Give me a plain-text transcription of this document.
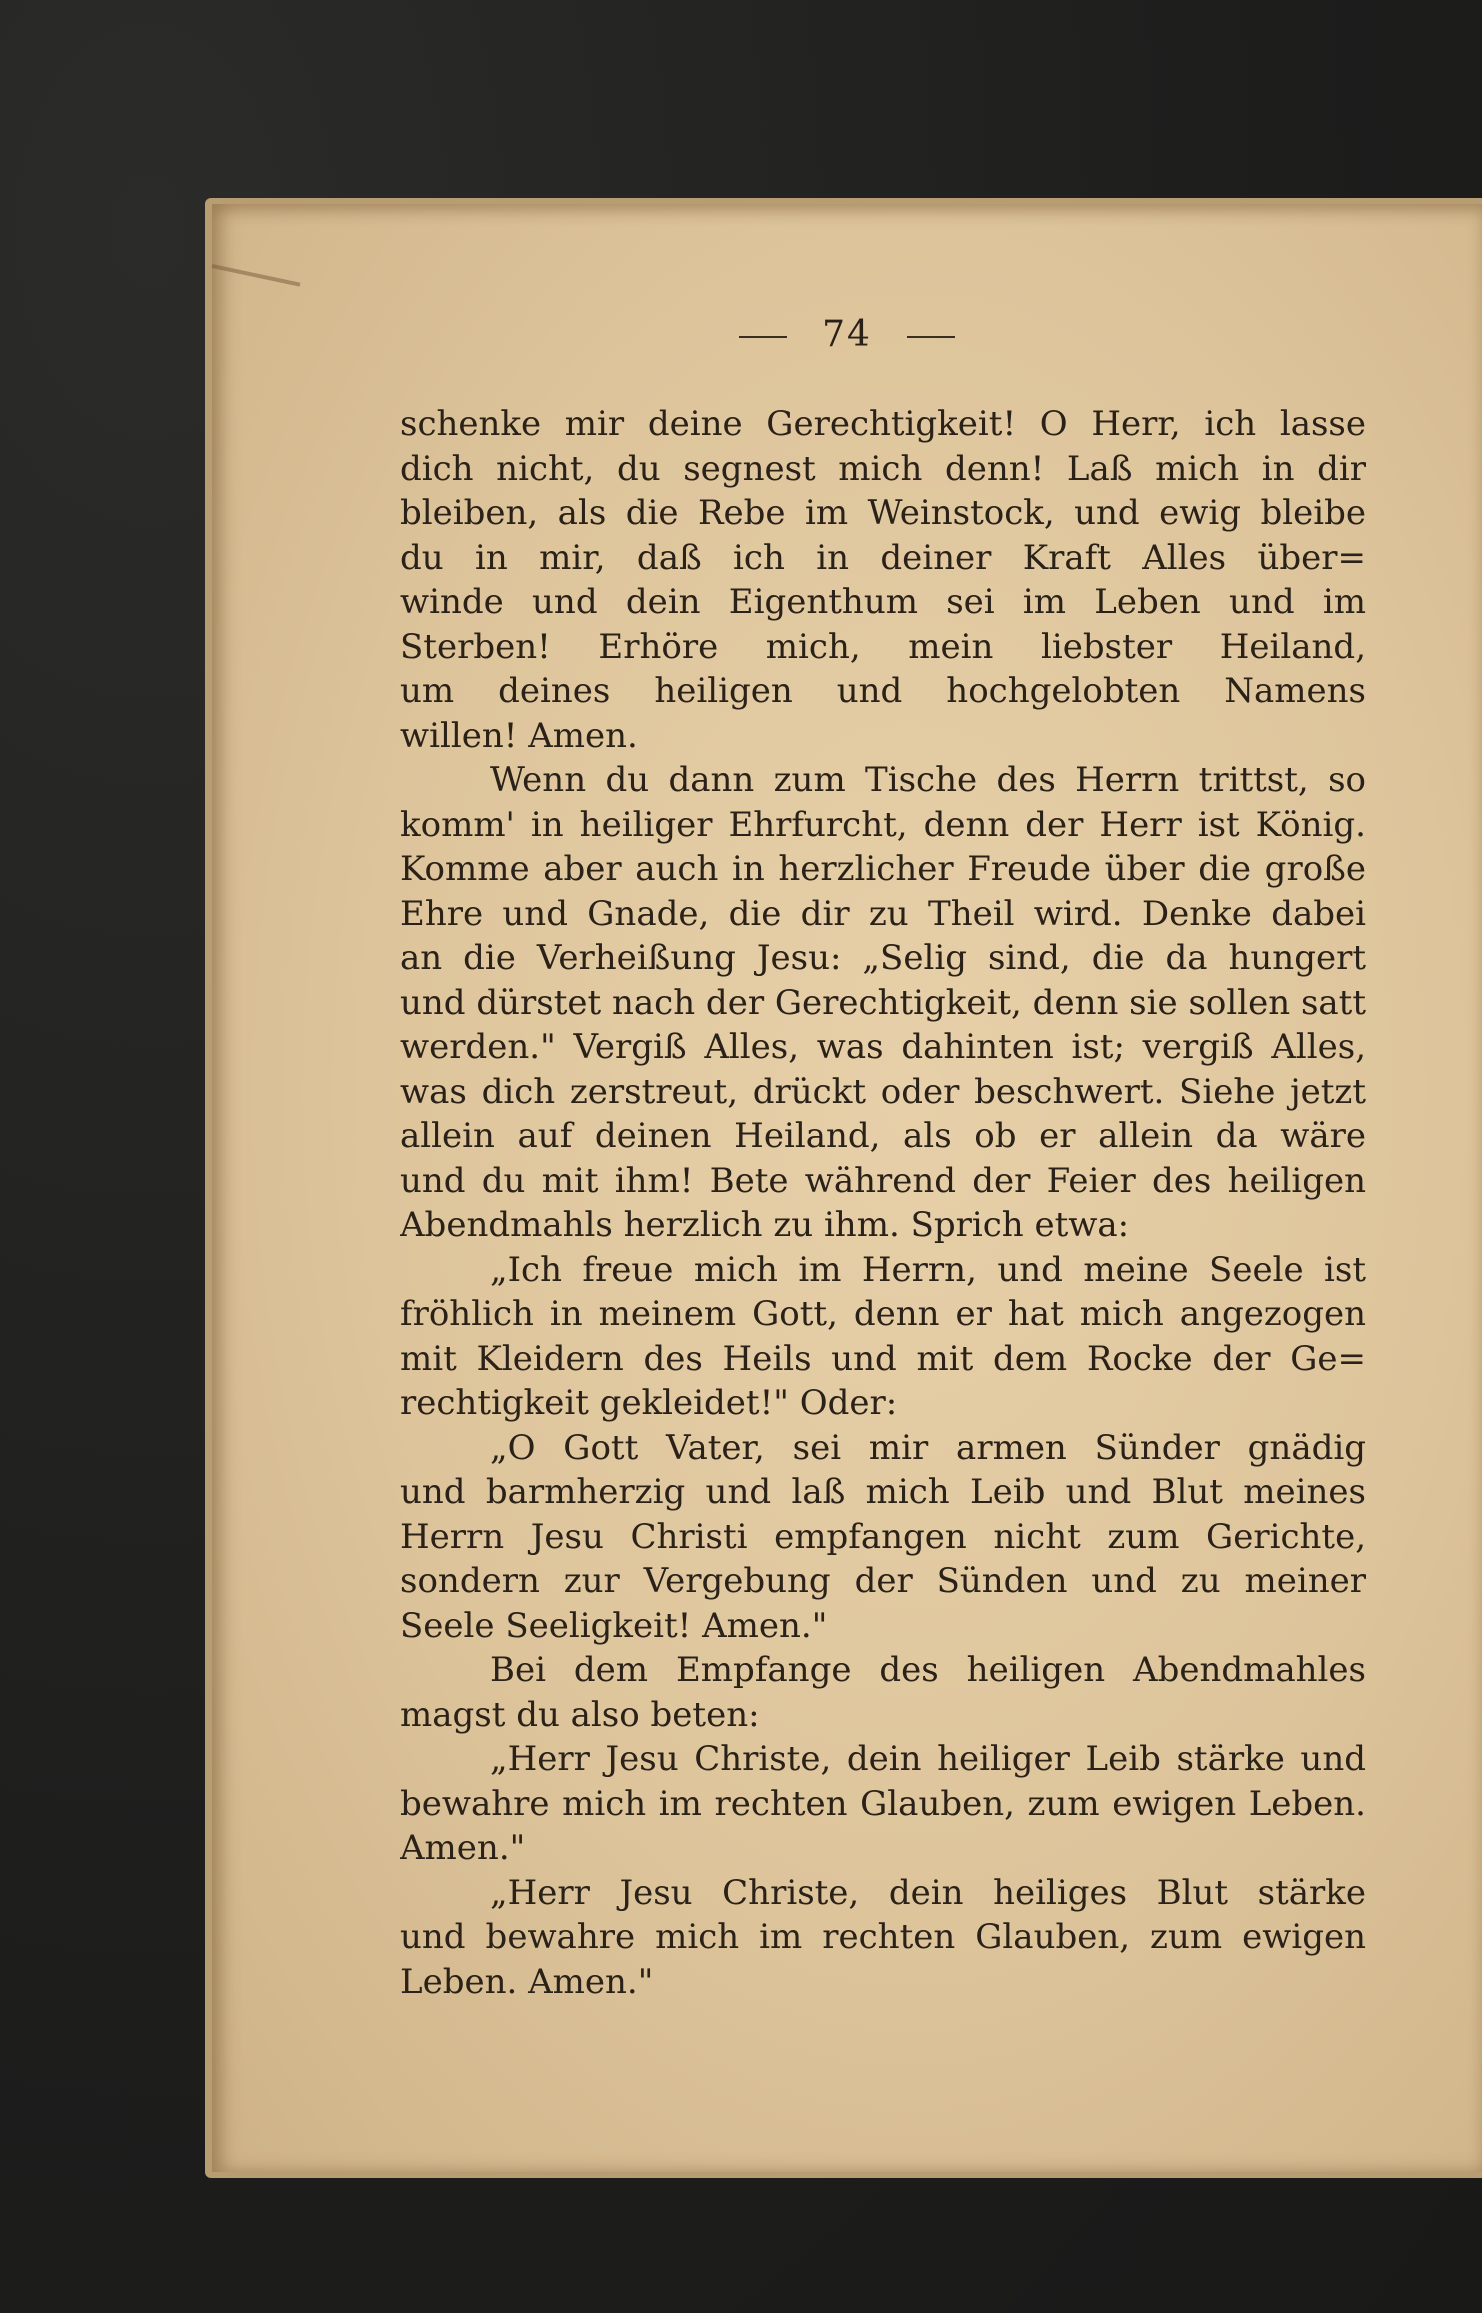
74
schenke mir deine Gerechtigkeit! O Herr, ich lasse
dich nicht, du segnest mich denn! Laß mich in dir
bleiben, als die Rebe im Weinstock, und ewig bleibe
du in mir, daß ich in deiner Kraft Alles über=
winde und dein Eigenthum sei im Leben und im
Sterben! Erhöre mich, mein liebster Heiland,
um deines heiligen und hochgelobten Namens
willen! Amen.
Wenn du dann zum Tische des Herrn trittst, so
komm' in heiliger Ehrfurcht, denn der Herr ist König.
Komme aber auch in herzlicher Freude über die große
Ehre und Gnade, die dir zu Theil wird. Denke dabei
an die Verheißung Jesu: „Selig sind, die da hungert
und dürstet nach der Gerechtigkeit, denn sie sollen satt
werden." Vergiß Alles, was dahinten ist; vergiß Alles,
was dich zerstreut, drückt oder beschwert. Siehe jetzt
allein auf deinen Heiland, als ob er allein da wäre
und du mit ihm! Bete während der Feier des heiligen
Abendmahls herzlich zu ihm. Sprich etwa:
„Ich freue mich im Herrn, und meine Seele ist
fröhlich in meinem Gott, denn er hat mich angezogen
mit Kleidern des Heils und mit dem Rocke der Ge=
rechtigkeit gekleidet!" Oder:
„O Gott Vater, sei mir armen Sünder gnädig
und barmherzig und laß mich Leib und Blut meines
Herrn Jesu Christi empfangen nicht zum Gerichte,
sondern zur Vergebung der Sünden und zu meiner
Seele Seeligkeit! Amen."
Bei dem Empfange des heiligen Abendmahles
magst du also beten:
„Herr Jesu Christe, dein heiliger Leib stärke und
bewahre mich im rechten Glauben, zum ewigen Leben.
Amen."
„Herr Jesu Christe, dein heiliges Blut stärke
und bewahre mich im rechten Glauben, zum ewigen
Leben. Amen."
